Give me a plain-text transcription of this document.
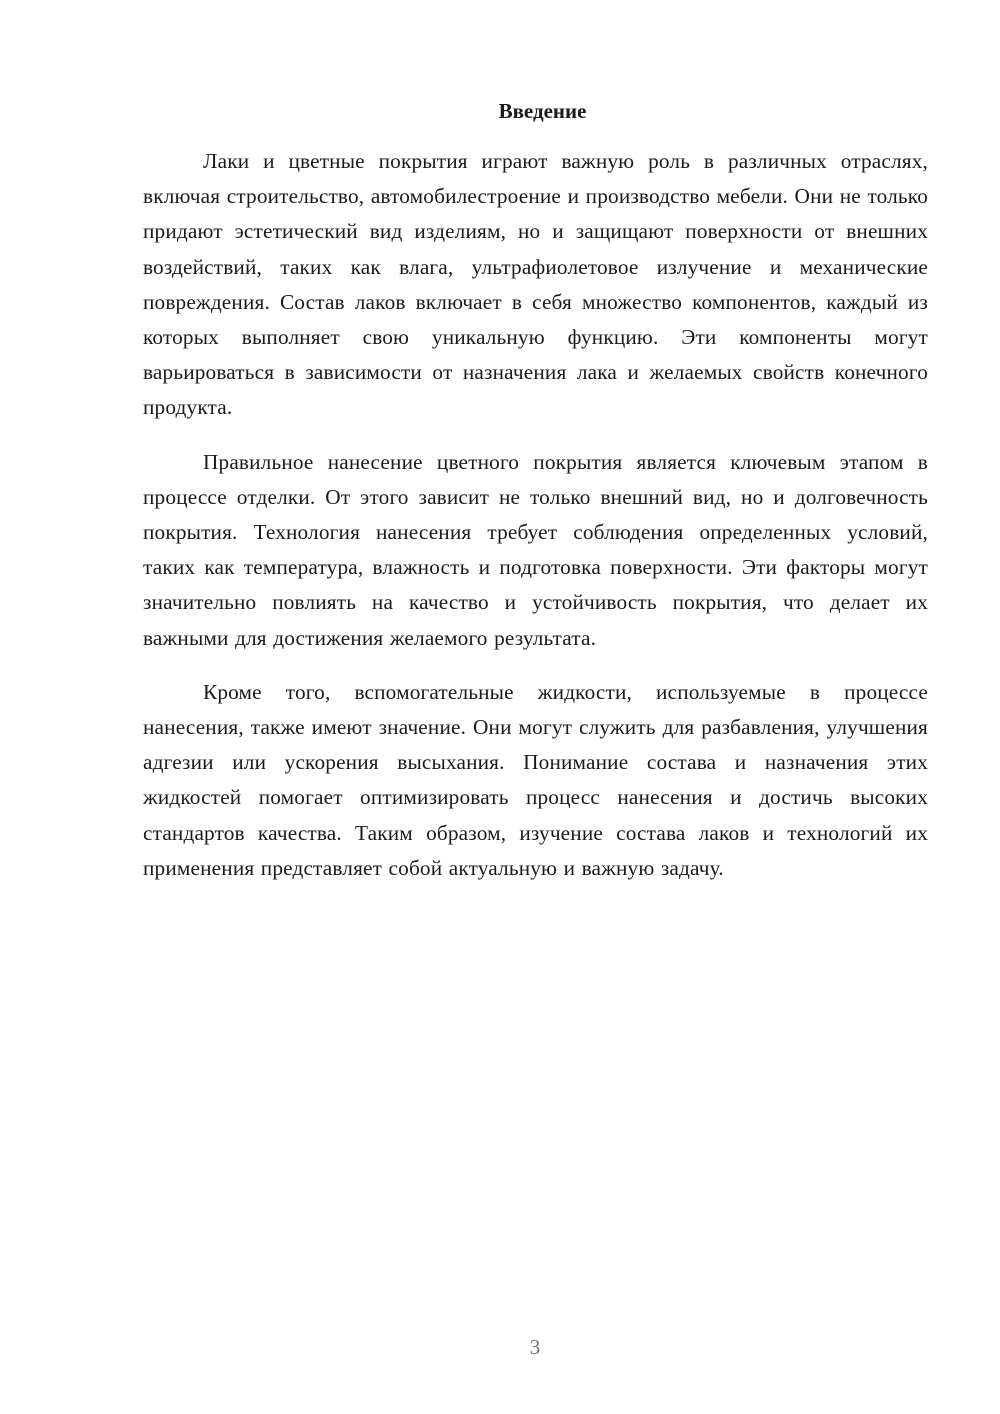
Введение

Лаки и цветные покрытия играют важную роль в различных отраслях, включая строительство, автомобилестроение и производство мебели. Они не только придают эстетический вид изделиям, но и защищают поверхности от внешних воздействий, таких как влага, ультрафиолетовое излучение и механические повреждения. Состав лаков включает в себя множество компонентов, каждый из которых выполняет свою уникальную функцию. Эти компоненты могут варьироваться в зависимости от назначения лака и желаемых свойств конечного продукта.

Правильное нанесение цветного покрытия является ключевым этапом в процессе отделки. От этого зависит не только внешний вид, но и долговечность покрытия. Технология нанесения требует соблюдения определенных условий, таких как температура, влажность и подготовка поверхности. Эти факторы могут значительно повлиять на качество и устойчивость покрытия, что делает их важными для достижения желаемого результата.

Кроме того, вспомогательные жидкости, используемые в процессе нанесения, также имеют значение. Они могут служить для разбавления, улучшения адгезии или ускорения высыхания. Понимание состава и назначения этих жидкостей помогает оптимизировать процесс нанесения и достичь высоких стандартов качества. Таким образом, изучение состава лаков и технологий их применения представляет собой актуальную и важную задачу.

3
